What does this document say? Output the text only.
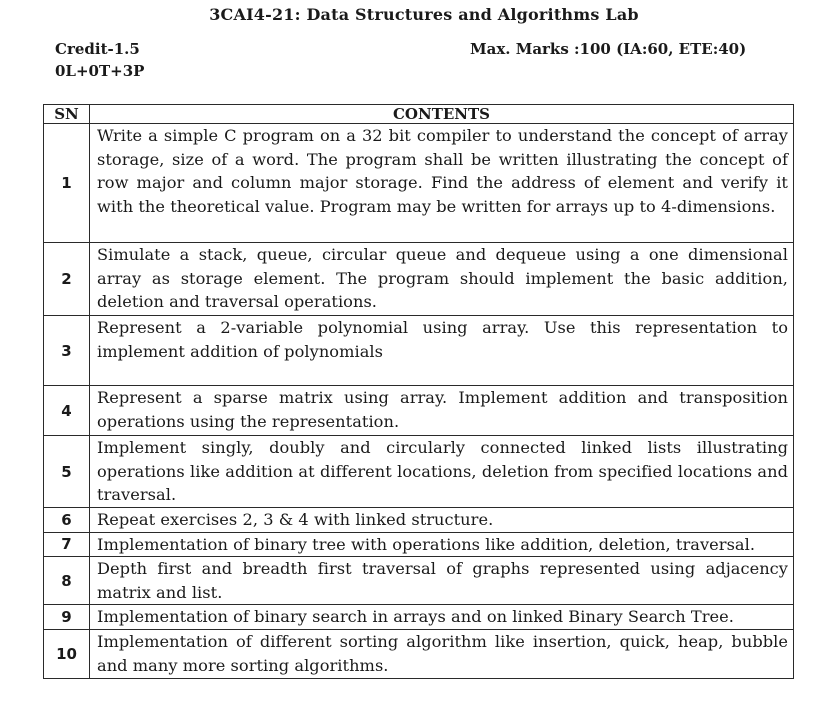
3CAI4-21: Data Structures and Algorithms Lab
Credit-1.5
0L+0T+3P
Max. Marks :100 (IA:60, ETE:40)
SN	CONTENTS
1	Write a simple C program on a 32 bit compiler to understand the concept of array storage, size of a word. The program shall be written illustrating the concept of row major and column major storage. Find the address of element and verify it with the theoretical value. Program may be written for arrays up to 4-dimensions.

2	Simulate a stack, queue, circular queue and dequeue using a one dimensional array as storage element. The program should implement the basic addition, deletion and traversal operations.

3	Represent a 2-variable polynomial using array. Use this representation to implement addition of polynomials

4	Represent a sparse matrix using array. Implement addition and transposition operations using the representation.

5	Implement singly, doubly and circularly connected linked lists illustrating operations like addition at different locations, deletion from specified locations and traversal.

6	Repeat exercises 2, 3 & 4 with linked structure.

7	Implementation of binary tree with operations like addition, deletion, traversal.

8	Depth first and breadth first traversal of graphs represented using adjacency matrix and list.

9	Implementation of binary search in arrays and on linked Binary Search Tree.

10	Implementation of different sorting algorithm like insertion, quick, heap, bubble and many more sorting algorithms.
